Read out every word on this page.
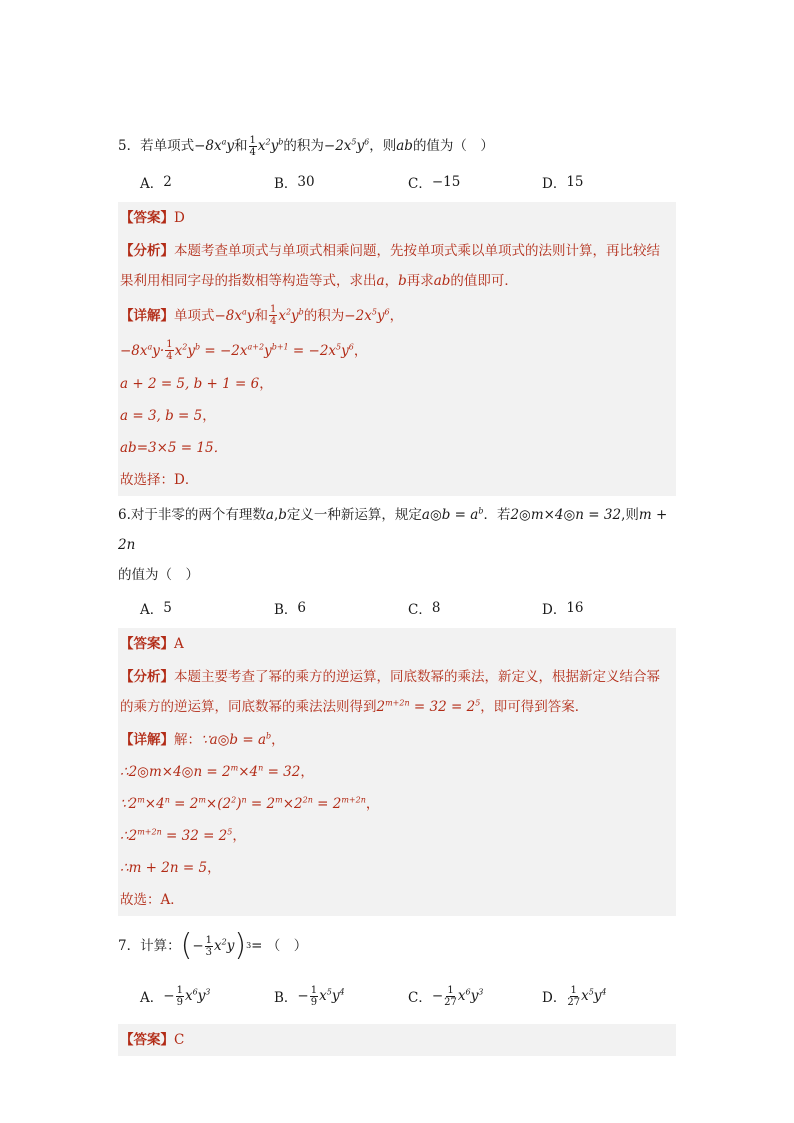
5．若单项式 $-8x^ay$ 和 $\frac{1}{4} x^2y^b$ 的积为 $-2x^5y^6$ ，则 ab 的值为（　）
A． 2	B． 30	C． −15	D． 15
【答案】D
【分析】本题考查单项式与单项式相乘问题，先按单项式乘以单项式的法则计算，再比较结
果利用相同字母的指数相等构造等式，求出a，b再求ab的值即可．
【详解】 单项式 $-8x^ay$ 和 $\frac{1}{4} x^2y^b$ 的积为 $-2x^5y^6$ ，
$-8x^ay\cdot \frac{1}{4} x^2y^b = -2x^{a+2}y^{b+1} = -2x^5y^6$ ，
a + 2 = 5, b + 1 = 6，
a = 3, b = 5，
ab=3×5 = 15．
故选择：D．
6.对于非零的两个有理数a,b定义一种新运算，规定a◎b = $a^b$．若2◎m×4◎n = 32,则m + 2n
的值为（　）
A． 5	B． 6	C． 8	D． 16
【答案】A
【分析】本题主要考查了幂的乘方的逆运算，同底数幂的乘法，新定义，根据新定义结合幂
的乘方的逆运算，同底数幂的乘法法则得到$2^{m+2n} = 32 = 2^5$，即可得到答案．
【详解】解：∵a◎b = $a^b$，
∴2◎m×4◎n = $2^m\times 4^n = 32$，
$\because 2^m\times 4^n = 2^m\times(2^2)^n = 2^m\times 2^{2n} = 2^{m+2n}$，
$\therefore 2^{m+2n} = 32 = 2^5$，
∴m + 2n = 5，
故选：A．
7．计算： ( − $\frac{1}{3} x^2y$ ) 3 = （　）
A． − $\frac{1}{9} x^6y^3$	B． − $\frac{1}{9} x^5y^4$	C． − $\frac{1}{27} x^6y^3$	D． $\frac{1}{27} x^5y^4$
【答案】C
